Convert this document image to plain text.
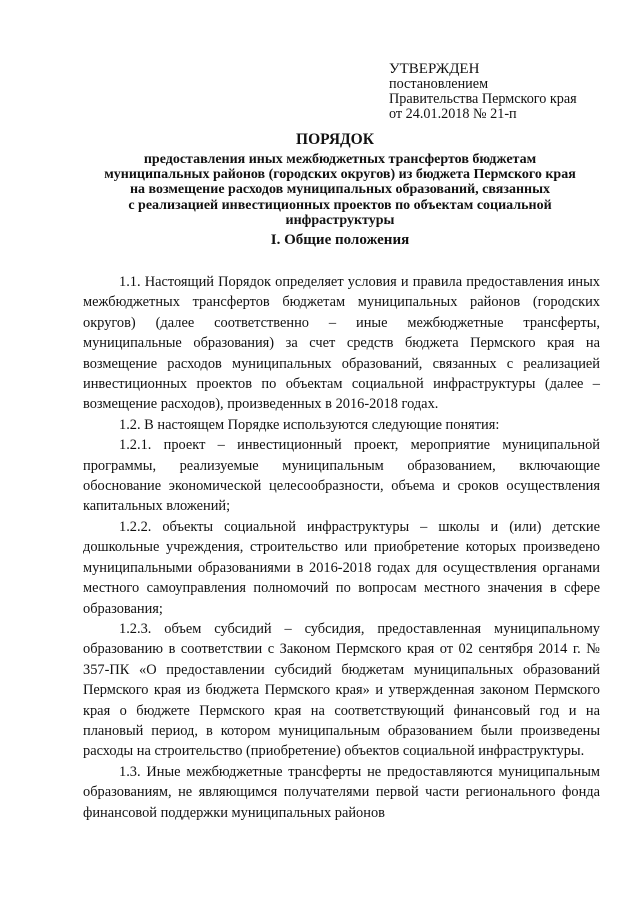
УТВЕРЖДЕН
постановлением
Правительства Пермского края
от 24.01.2018 № 21-п
ПОРЯДОК
предоставления иных межбюджетных трансфертов бюджетам
муниципальных районов (городских округов) из бюджета Пермского края
на возмещение расходов муниципальных образований, связанных
с реализацией инвестиционных проектов по объектам социальной
инфраструктуры
I. Общие положения

1.1. Настоящий Порядок определяет условия и правила предоставления иных межбюджетных трансфертов бюджетам муниципальных районов (городских округов) (далее соответственно – иные межбюджетные трансферты, муниципальные образования) за счет средств бюджета Пермского края на возмещение расходов муниципальных образований, связанных с реализацией инвестиционных проектов по объектам социальной инфраструктуры (далее – возмещение расходов), произведенных в 2016-2018 годах.

1.2. В настоящем Порядке используются следующие понятия:

1.2.1. проект – инвестиционный проект, мероприятие муниципальной программы, реализуемые муниципальным образованием, включающие обоснование экономической целесообразности, объема и сроков осуществления капитальных вложений;

1.2.2. объекты социальной инфраструктуры – школы и (или) детские дошкольные учреждения, строительство или приобретение которых произведено муниципальными образованиями в 2016-2018 годах для осуществления органами местного самоуправления полномочий по вопросам местного значения в сфере образования;

1.2.3. объем субсидий – субсидия, предоставленная муниципальному образованию в соответствии с Законом Пермского края от 02 сентября 2014 г. № 357-ПК «О предоставлении субсидий бюджетам муниципальных образований Пермского края из бюджета Пермского края» и утвержденная законом Пермского края о бюджете Пермского края на соответствующий финансовый год и на плановый период, в котором муниципальным образованием были произведены расходы на строительство (приобретение) объектов социальной инфраструктуры.

1.3. Иные межбюджетные трансферты не предоставляются муниципальным образованиям, не являющимся получателями первой части регионального фонда финансовой поддержки муниципальных районов
